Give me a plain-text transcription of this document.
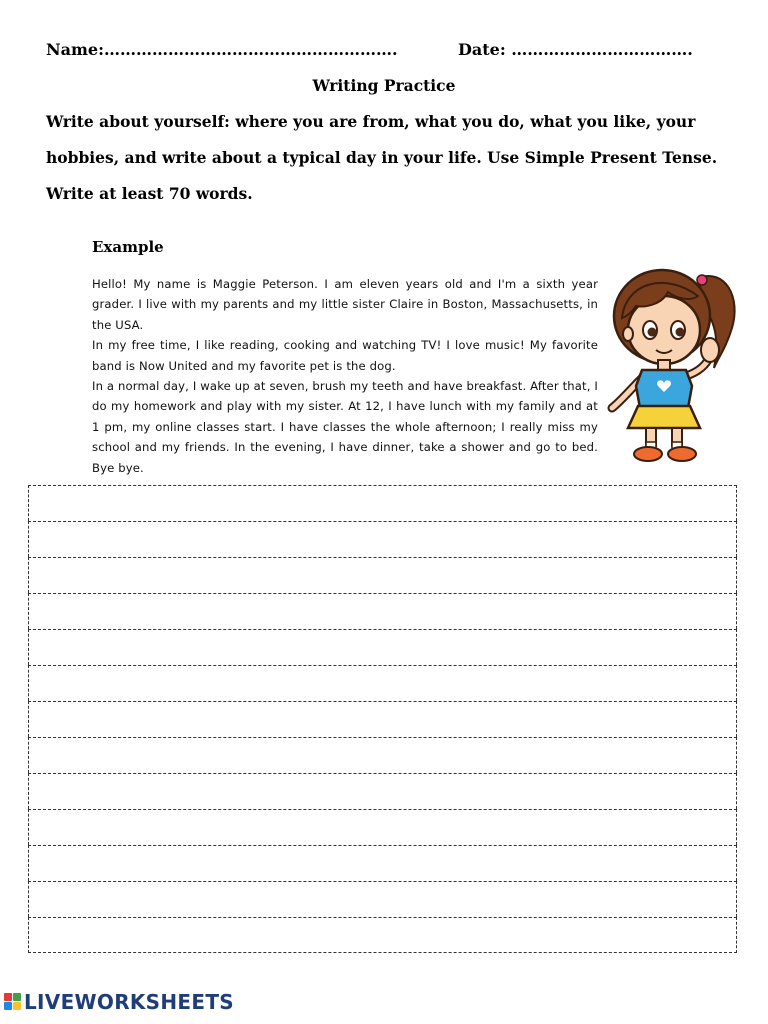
Name:……………………………………………….	Date: …………………………….
Writing Practice

Write about yourself: where you are from, what you do, what you like, your

hobbies, and write about a typical day in your life. Use Simple Present Tense.

Write at least 70 words.

Example

Hello! My name is Maggie Peterson. I am eleven years old and I'm a sixth year grader. I live with my parents and my little sister Claire in Boston, Massachusetts, in the USA.

In my free time, I like reading, cooking and watching TV! I love music! My favorite band is Now United and my favorite pet is the dog.

In a normal day, I wake up at seven, brush my teeth and have breakfast. After that, I do my homework and play with my sister. At 12, I have lunch with my family and at 1 pm, my online classes start. I have classes the whole afternoon; I really miss my school and my friends. In the evening, I have dinner, take a shower and go to bed. Bye bye.

LIVEWORKSHEETS
